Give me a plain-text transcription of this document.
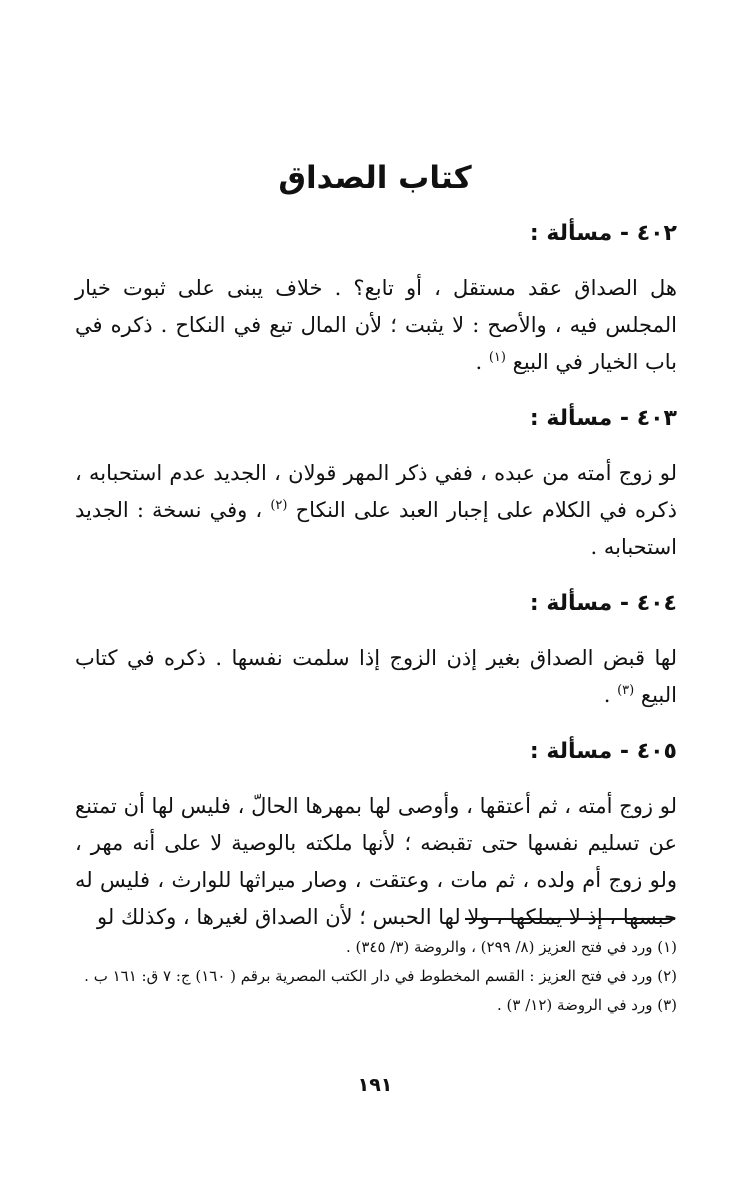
كتاب الصداق
٤٠٢ - مسألة :

هل الصداق عقد مستقل ، أو تابع؟ . خلاف يبنى على ثبوت خيار المجلس فيه ، والأصح : لا يثبت ؛ لأن المال تبع في النكاح . ذكره في باب الخيار في البيع $^{(١)}$ .

٤٠٣ - مسألة :

لو زوج أمته من عبده ، ففي ذكر المهر قولان ، الجديد عدم استحبابه ، ذكره في الكلام على إجبار العبد على النكاح $^{(٢)}$ ، وفي نسخة : الجديد استحبابه .

٤٠٤ - مسألة :

لها قبض الصداق بغير إذن الزوج إذا سلمت نفسها . ذكره في كتاب البيع $^{(٣)}$ .

٤٠٥ - مسألة :

لو زوج أمته ، ثم أعتقها ، وأوصى لها بمهرها الحالّ ، فليس لها أن تمتنع عن تسليم نفسها حتى تقبضه ؛ لأنها ملكته بالوصية لا على أنه مهر ، ولو زوج أم ولده ، ثم مات ، وعتقت ، وصار ميراثها للوارث ، فليس له حبسها ، إذ لا يملكها ، ولا لها الحبس ؛ لأن الصداق لغيرها ، وكذلك لو

(١) ورد في فتح العزيز (٨/ ٢٩٩) ، والروضة (٣/ ٣٤٥) .

(٢) ورد في فتح العزيز : القسم المخطوط في دار الكتب المصرية برقم ( ١٦٠) ج: ٧ ق: ١٦١ ب .

(٣) ورد في الروضة (١٢/ ٣) .

١٩١
